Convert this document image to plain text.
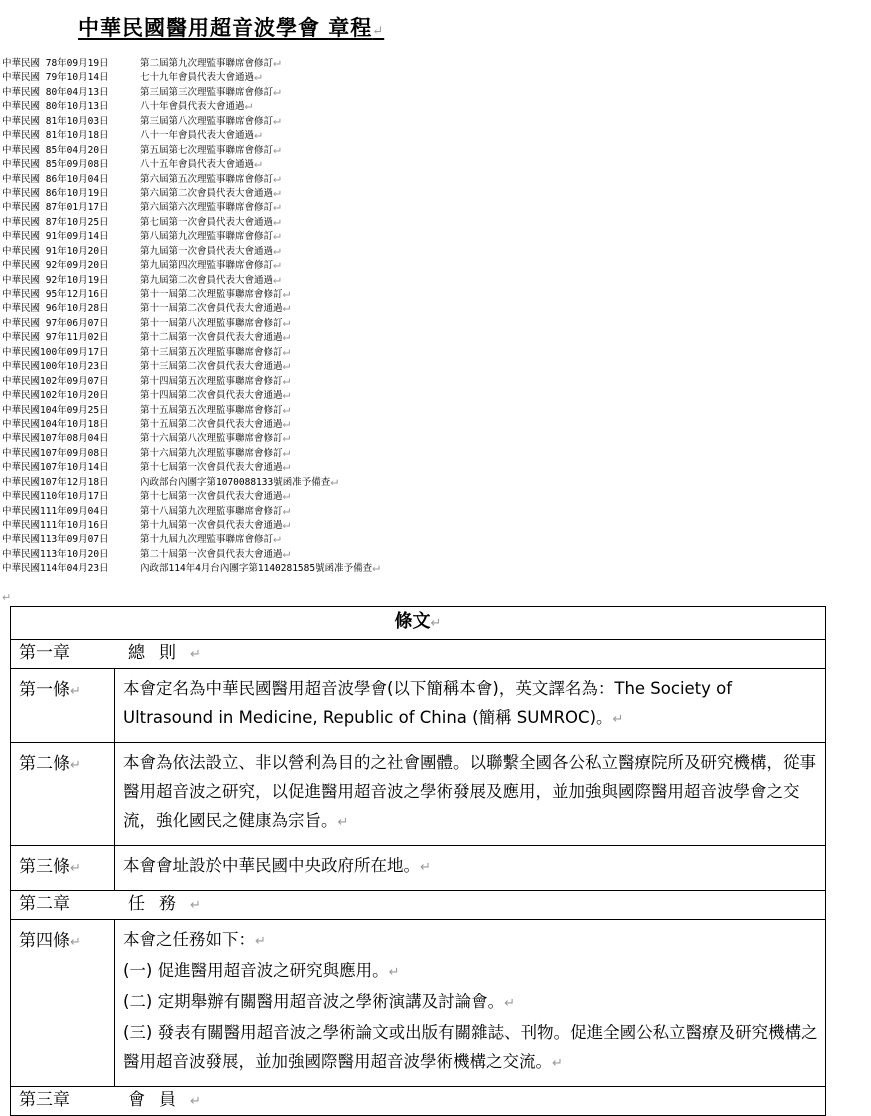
中華民國醫用超音波學會 章程↵
中華民國 78年09月19日	第二屆第九次理監事聯席會修訂↵
中華民國 79年10月14日	七十九年會員代表大會通過↵
中華民國 80年04月13日	第三屆第三次理監事聯席會修訂↵
中華民國 80年10月13日	八十年會員代表大會通過↵
中華民國 81年10月03日	第三屆第八次理監事聯席會修訂↵
中華民國 81年10月18日	八十一年會員代表大會通過↵
中華民國 85年04月20日	第五屆第七次理監事聯席會修訂↵
中華民國 85年09月08日	八十五年會員代表大會通過↵
中華民國 86年10月04日	第六屆第五次理監事聯席會修訂↵
中華民國 86年10月19日	第六屆第二次會員代表大會通過↵
中華民國 87年01月17日	第六屆第六次理監事聯席會修訂↵
中華民國 87年10月25日	第七屆第一次會員代表大會通過↵
中華民國 91年09月14日	第八屆第九次理監事聯席會修訂↵
中華民國 91年10月20日	第九屆第一次會員代表大會通過↵
中華民國 92年09月20日	第九屆第四次理監事聯席會修訂↵
中華民國 92年10月19日	第九屆第二次會員代表大會通過↵
中華民國 95年12月16日	第十一屆第二次理監事聯席會修訂↵
中華民國 96年10月28日	第十一屆第二次會員代表大會通過↵
中華民國 97年06月07日	第十一屆第八次理監事聯席會修訂↵
中華民國 97年11月02日	第十二屆第一次會員代表大會通過↵
中華民國100年09月17日	第十三屆第五次理監事聯席會修訂↵
中華民國100年10月23日	第十三屆第二次會員代表大會通過↵
中華民國102年09月07日	第十四屆第五次理監事聯席會修訂↵
中華民國102年10月20日	第十四屆第二次會員代表大會通過↵
中華民國104年09月25日	第十五屆第五次理監事聯席會修訂↵
中華民國104年10月18日	第十五屆第二次會員代表大會通過↵
中華民國107年08月04日	第十六屆第八次理監事聯席會修訂↵
中華民國107年09月08日	第十六屆第九次理監事聯席會修訂↵
中華民國107年10月14日	第十七屆第一次會員代表大會通過↵
中華民國107年12月18日	內政部台內團字第1070088133號函准予備查↵
中華民國110年10月17日	第十七屆第一次會員代表大會通過↵
中華民國111年09月04日	第十八屆第九次理監事聯席會修訂↵
中華民國111年10月16日	第十九屆第一次會員代表大會通過↵
中華民國113年09月07日	第十九屆九次理監事聯席會修訂↵
中華民國113年10月20日	第二十屆第一次會員代表大會通過↵
中華民國114年04月23日	內政部114年4月台內團字第1140281585號函准予備查↵
↵
條文↵	
第一章 總則↵	
第一條↵	本會定名為中華民國醫用超音波學會(以下簡稱本會)，英文譯名為：The Society of Ultrasound in Medicine, Republic of China (簡稱 SUMROC)。↵
第二條↵	本會為依法設立、非以營利為目的之社會團體。以聯繫全國各公私立醫療院所及研究機構，從事醫用超音波之研究，以促進醫用超音波之學術發展及應用，並加強與國際醫用超音波學會之交流，強化國民之健康為宗旨。↵
第三條↵	本會會址設於中華民國中央政府所在地。↵
第二章 任務↵	
第四條↵	本會之任務如下：↵
(一) 促進醫用超音波之研究與應用。↵
(二) 定期舉辦有關醫用超音波之學術演講及討論會。↵
(三) 發表有關醫用超音波之學術論文或出版有關雜誌、刊物。促進全國公私立醫療及研究機構之醫用超音波發展，並加強國際醫用超音波學術機構之交流。↵

第三章 會員↵	
